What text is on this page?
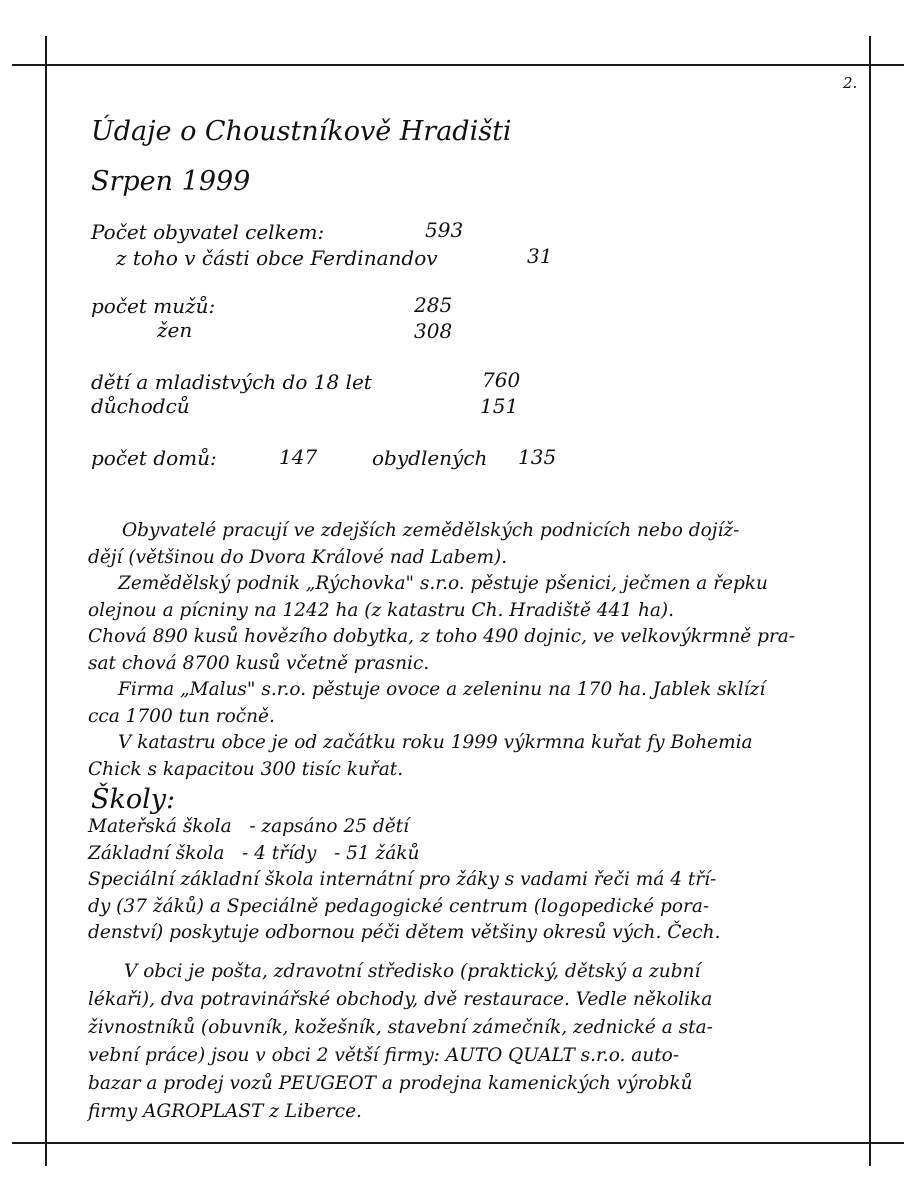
2.
Údaje o Choustníkově Hradišti
Srpen 1999
Počet obyvatel celkem:	593
z toho v části obce Ferdinandov	31
počet mužů:	285
žen	308
dětí a mladistvých do 18 let	760
důchodců	151
počet domů:	147	obydlených 135

Obyvatelé pracují ve zdejších zemědělských podnicích nebo dojíž-

dějí (většinou do Dvora Králové nad Labem).

Zemědělský podnik „Rýchovka" s.r.o. pěstuje pšenici, ječmen a řepku

olejnou a pícniny na 1242 ha (z katastru Ch. Hradiště 441 ha).

Chová 890 kusů hovězího dobytka, z toho 490 dojnic, ve velkovýkrmně pra-

sat chová 8700 kusů včetně prasnic.

Firma „Malus" s.r.o. pěstuje ovoce a zeleninu na 170 ha. Jablek sklízí

cca 1700 tun ročně.

V katastru obce je od začátku roku 1999 výkrmna kuřat fy Bohemia

Chick s kapacitou 300 tisíc kuřat.

Školy:

Mateřská škola   - zapsáno 25 dětí

Základní škola   - 4 třídy   - 51 žáků

Speciální základní škola internátní pro žáky s vadami řeči má 4 tří-

dy (37 žáků) a Speciálně pedagogické centrum (logopedické pora-

denství) poskytuje odbornou péči dětem většiny okresů vých. Čech.

V obci je pošta, zdravotní středisko (praktický, dětský a zubní

lékaři), dva potravinářské obchody, dvě restaurace. Vedle několika

živnostníků (obuvník, kožešník, stavební zámečník, zednické a sta-

vební práce) jsou v obci 2 větší firmy: AUTO QUALT s.r.o. auto-

bazar a prodej vozů PEUGEOT a prodejna kamenických výrobků

firmy AGROPLAST z Liberce.
